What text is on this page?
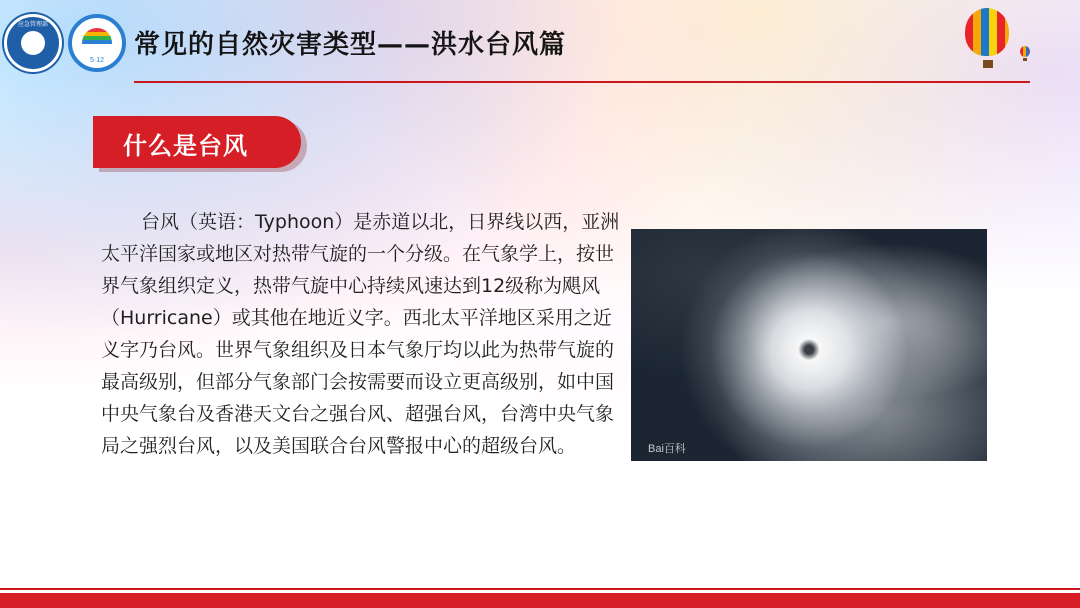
应急管理部
5·12
常见的自然灾害类型——洪水台风篇
什么是台风

台风（英语：Typhoon）是赤道以北，日界线以西，亚洲太平洋国家或地区对热带气旋的一个分级。在气象学上，按世界气象组织定义，热带气旋中心持续风速达到12级称为飓风（Hurricane）或其他在地近义字。西北太平洋地区采用之近义字乃台风。世界气象组织及日本气象厅均以此为热带气旋的最高级别，但部分气象部门会按需要而设立更高级别，如中国中央气象台及香港天文台之强台风、超强台风，台湾中央气象局之强烈台风，以及美国联合台风警报中心的超级台风。	Bai百科
